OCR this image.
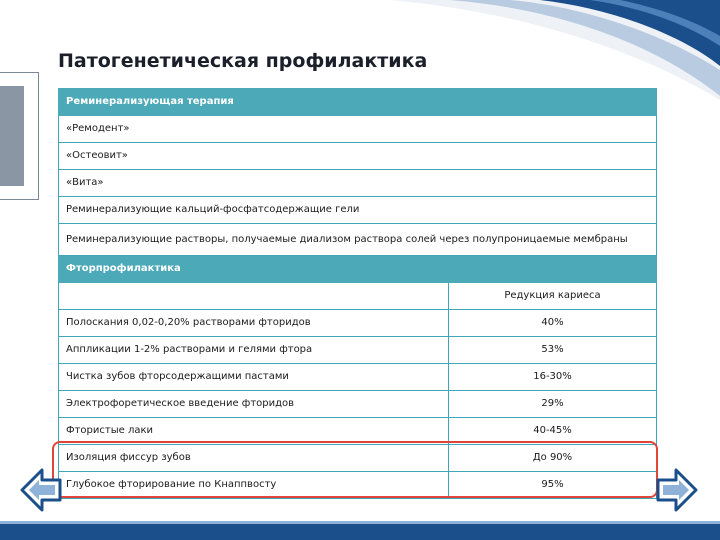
Патогенетическая профилактика
Реминерализующая терапия	
«Ремодент»	
«Остеовит»	
«Вита»	
Реминерализующие кальций-фосфатсодержащие гели	
Реминерализующие растворы, получаемые диализом раствора солей через полупроницаемые мембраны	
Фторпрофилактика	
	Редукция кариеса
Полоскания 0,02-0,20% растворами фторидов	40%
Аппликации 1-2% растворами и гелями фтора	53%
Чистка зубов фторсодержащими пастами	16-30%
Электрофоретическое введение фторидов	29%
Фтористые лаки	40-45%
Изоляция фиссур зубов	До 90%
Глубокое фторирование по Кнаппвосту	95%
